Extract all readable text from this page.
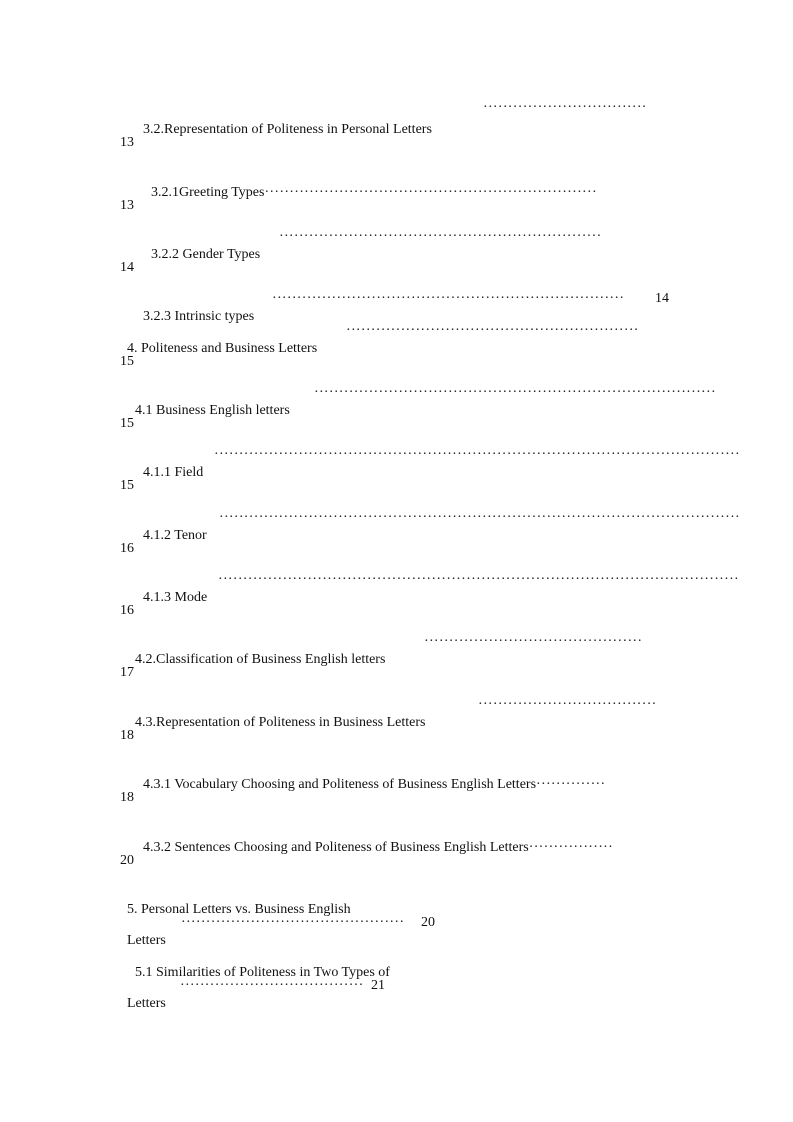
3.2.Representation of Politeness in Personal Letters

·································
13

3.2.1Greeting Types···································································

13

3.2.2 Gender Types

·································································
14

3.2.3 Intrinsic types

······································································· 14

4. Politeness and Business Letters

···························································
15

4.1 Business English letters

·················································································
15

4.1.1 Field

··········································································································
15

4.1.2 Tenor

·········································································································
16

4.1.3 Mode

·········································································································
16

4.2.Classification of Business English letters

············································
17

4.3.Representation of Politeness in Business Letters

····································
18

4.3.1 Vocabulary Choosing and Politeness of Business English Letters··············

18

4.3.2 Sentences Choosing and Politeness of Business English Letters·················

20

5. Personal Letters vs. Business English

Letters

············································· 20

5.1 Similarities of Politeness in Two Types of

Letters

····································· 21
